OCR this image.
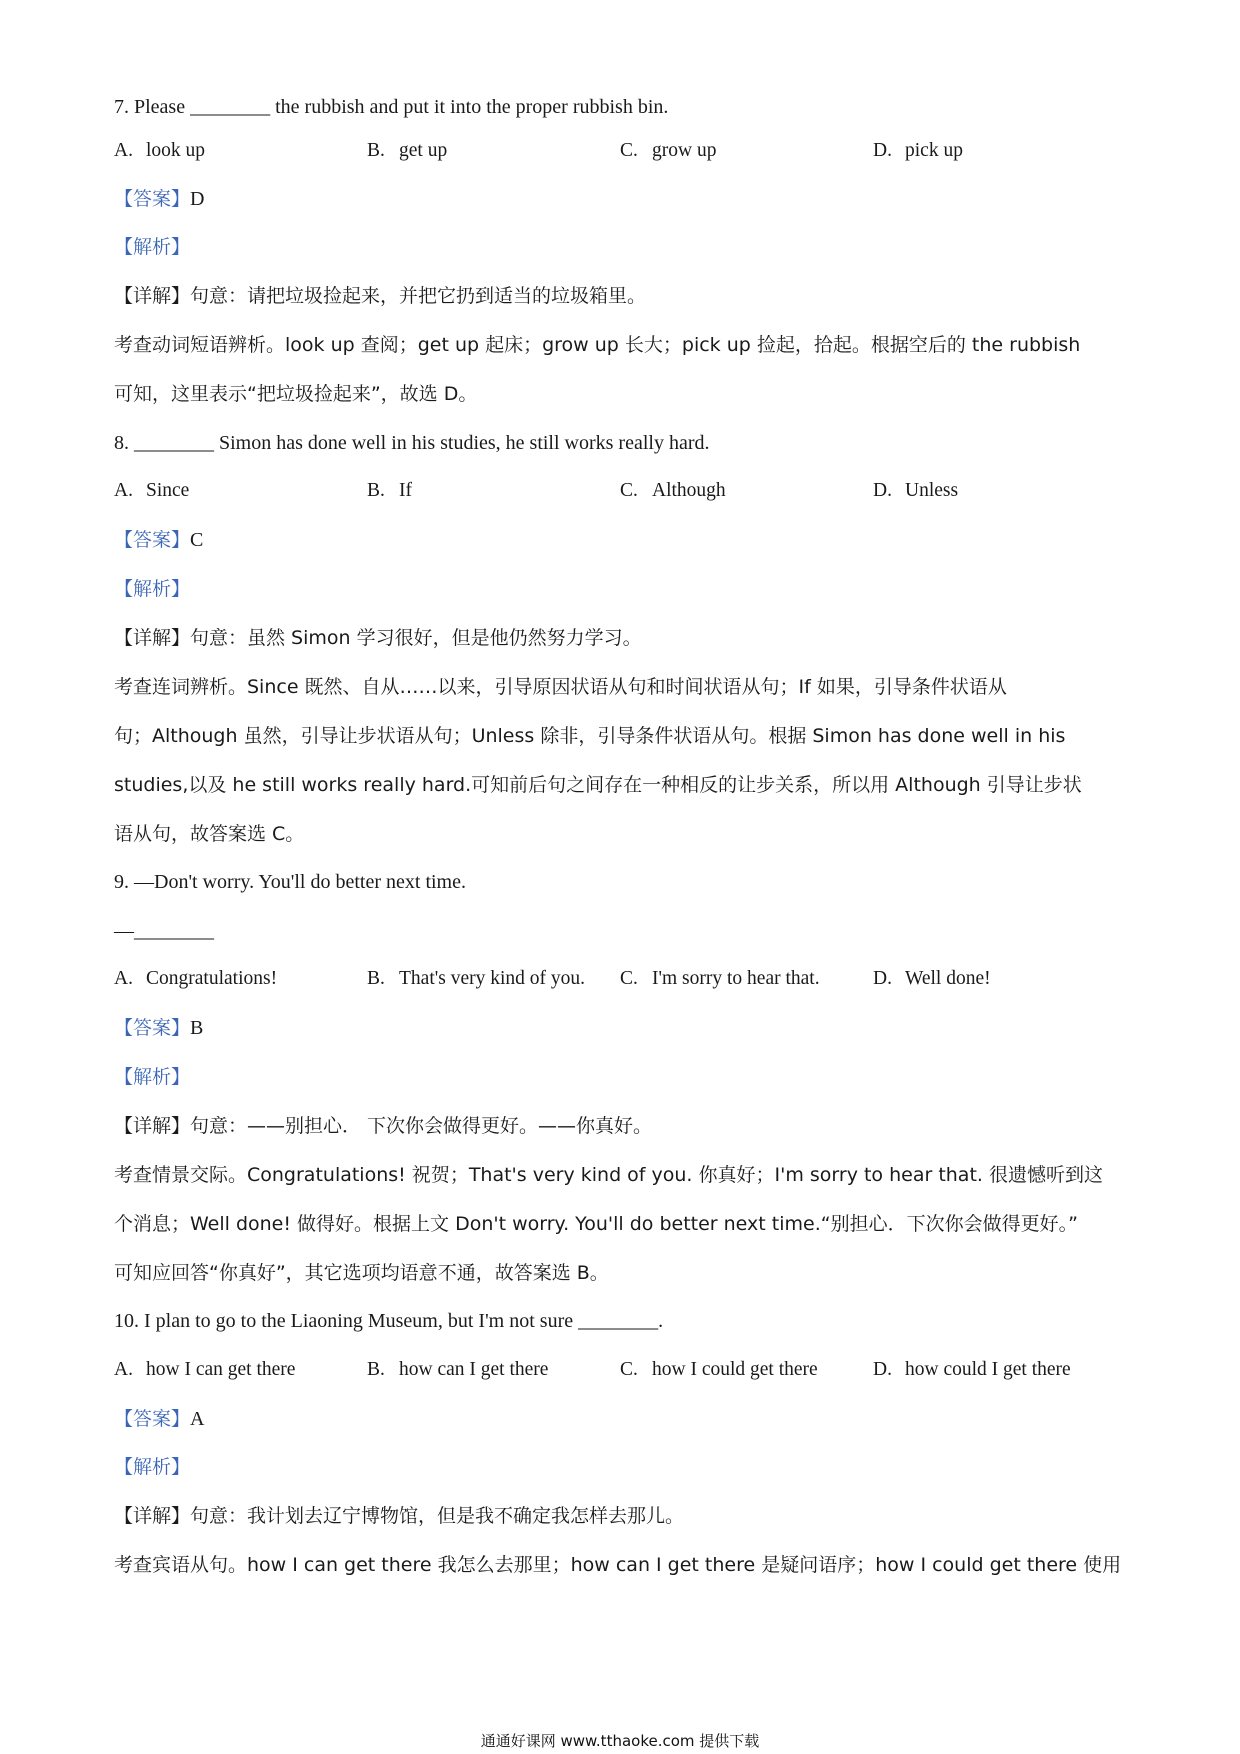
7. Please ________ the rubbish and put it into the proper rubbish bin.
A. look up	B. get up	C. grow up	D. pick up
【答案】D
【解析】
【详解】句意：请把垃圾捡起来，并把它扔到适当的垃圾箱里。
考查动词短语辨析。look up 查阅；get up 起床；grow up 长大；pick up 捡起，拾起。根据空后的 the rubbish
可知，这里表示“把垃圾捡起来”，故选 D。
8. ________ Simon has done well in his studies, he still works really hard.
A. Since	B. If	C. Although	D. Unless
【答案】C
【解析】
【详解】句意：虽然 Simon 学习很好，但是他仍然努力学习。
考查连词辨析。Since 既然、自从……以来，引导原因状语从句和时间状语从句；If 如果，引导条件状语从
句；Although 虽然，引导让步状语从句；Unless 除非，引导条件状语从句。根据 Simon has done well in his
studies,以及 he still works really hard.可知前后句之间存在一种相反的让步关系，所以用 Although 引导让步状
语从句，故答案选 C。
9. —Don't worry. You'll do better next time.
—________
A. Congratulations!	B. That's very kind of you. C. I'm sorry to hear that.	D. Well done!
【答案】B
【解析】
【详解】句意：——别担心． 下次你会做得更好。——你真好。
考查情景交际。Congratulations! 祝贺；That's very kind of you. 你真好；I'm sorry to hear that. 很遗憾听到这
个消息；Well done! 做得好。根据上文 Don't worry. You'll do better next time.“别担心．下次你会做得更好。”
可知应回答“你真好”，其它选项均语意不通，故答案选 B。
10. I plan to go to the Liaoning Museum, but I'm not sure ________.
A. how I can get there	B. how can I get there	C. how I could get there	D. how could I get there
【答案】A
【解析】
【详解】句意：我计划去辽宁博物馆，但是我不确定我怎样去那儿。
考查宾语从句。how I can get there 我怎么去那里；how can I get there 是疑问语序；how I could get there 使用
通通好课网 www.tthaoke.com 提供下载
